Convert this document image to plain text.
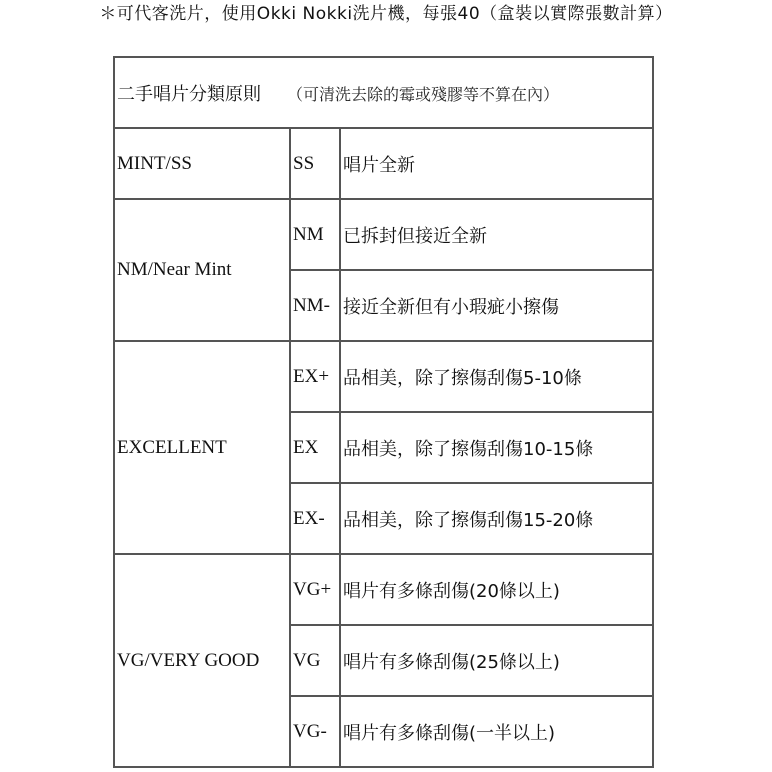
＊可代客洗片，使用Okki Nokki洗片機，每張40（盒裝以實際張數計算）
二手唱片分類原則 （可清洗去除的霉或殘膠等不算在內）		
MINT/SS	SS	唱片全新
NM/Near Mint	NM	已拆封但接近全新
	NM-	接近全新但有小瑕疵小擦傷
EXCELLENT	EX+	品相美，除了擦傷刮傷5-10條
	EX	品相美，除了擦傷刮傷10-15條
	EX-	品相美，除了擦傷刮傷15-20條
VG/VERY GOOD	VG+	唱片有多條刮傷(20條以上)
	VG	唱片有多條刮傷(25條以上)
	VG-	唱片有多條刮傷(一半以上)
